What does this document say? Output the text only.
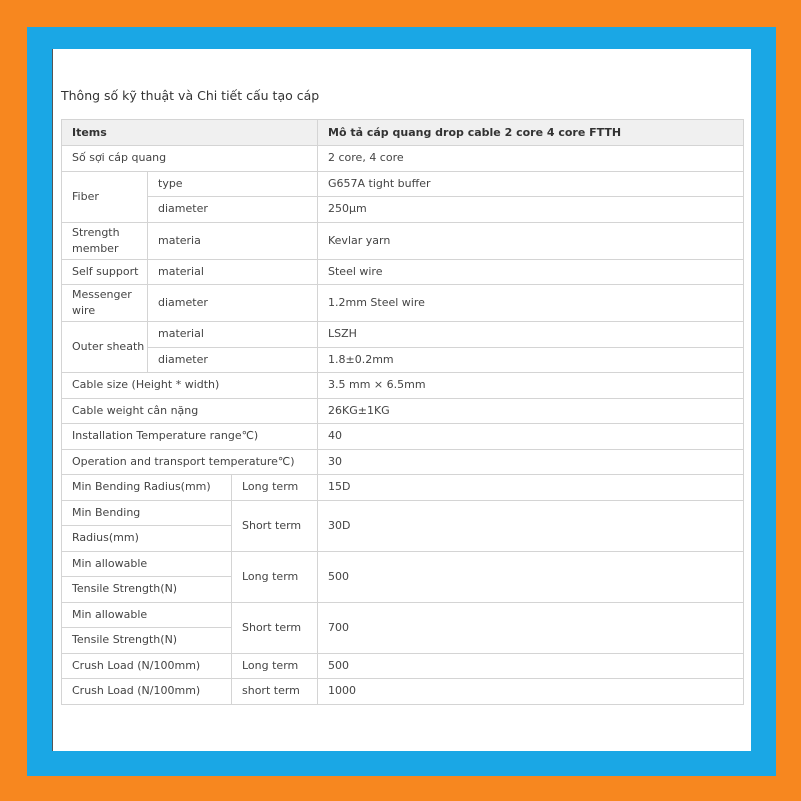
Thông số kỹ thuật và Chi tiết cấu tạo cáp
Items			Mô tả cáp quang drop cable 2 core 4 core FTTH
Số sợi cáp quang			2 core, 4 core
Fiber	type		G657A tight buffer
	diameter		250μm
Strength member	materia		Kevlar yarn
Self support	material		Steel wire
Messenger wire	diameter		1.2mm Steel wire
Outer sheath	material		LSZH
	diameter		1.8±0.2mm
Cable size (Height * width)			3.5 mm × 6.5mm
Cable weight cân nặng			26KG±1KG
Installation Temperature range℃)			40
Operation and transport temperature℃)			30
Min Bending Radius(mm)		Long term	15D
Min Bending		Short term	30D
Radius(mm)			
Min allowable		Long term	500
Tensile Strength(N)			
Min allowable		Short term	700
Tensile Strength(N)			
Crush Load (N/100mm)		Long term	500
Crush Load (N/100mm)		short term	1000
